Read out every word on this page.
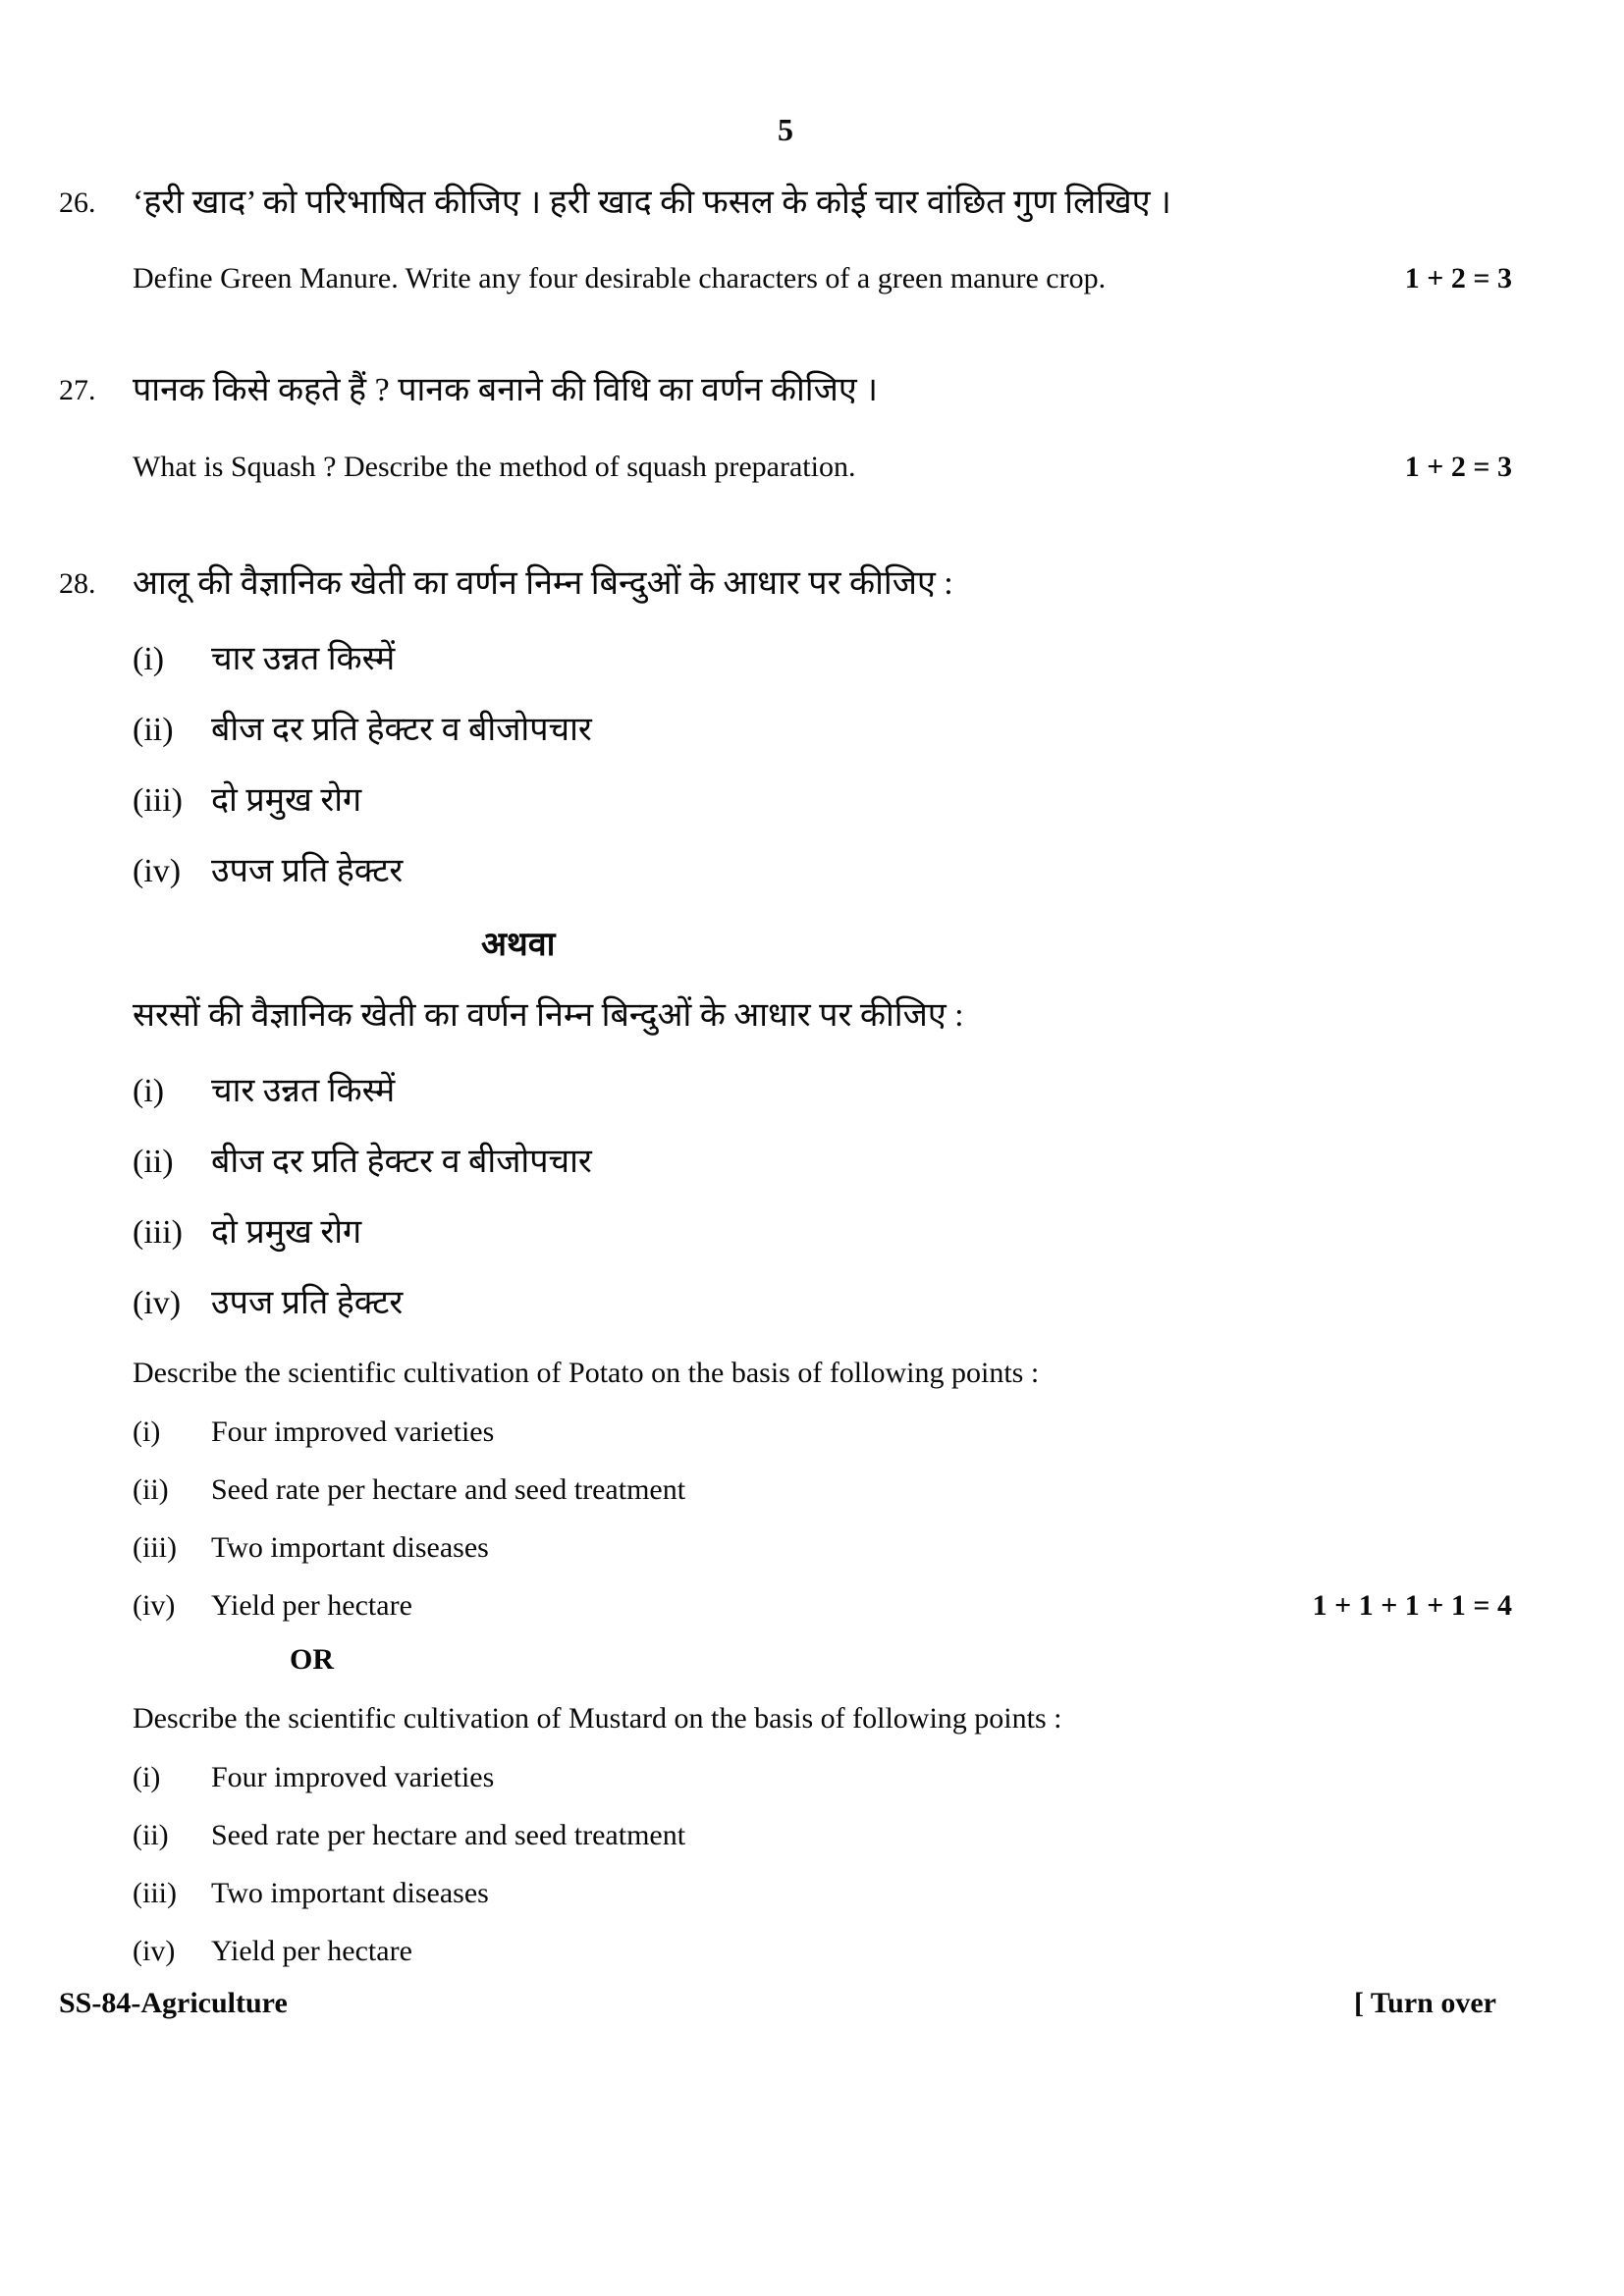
5
26.	‘हरी खाद’ को परिभाषित कीजिए । हरी खाद की फसल के कोई चार वांछित गुण लिखिए ।
Define Green Manure. Write any four desirable characters of a green manure crop.	1 + 2 = 3
27.	पानक किसे कहते हैं ? पानक बनाने की विधि का वर्णन कीजिए ।
What is Squash ? Describe the method of squash preparation.	1 + 2 = 3
28.	आलू की वैज्ञानिक खेती का वर्णन निम्न बिन्दुओं के आधार पर कीजिए :
(i)	चार उन्नत किस्में
(ii)	बीज दर प्रति हेक्टर व बीजोपचार
(iii) दो प्रमुख रोग
(iv) उपज प्रति हेक्टर
अथवा
सरसों की वैज्ञानिक खेती का वर्णन निम्न बिन्दुओं के आधार पर कीजिए :
(i)	चार उन्नत किस्में
(ii)	बीज दर प्रति हेक्टर व बीजोपचार
(iii) दो प्रमुख रोग
(iv) उपज प्रति हेक्टर
Describe the scientific cultivation of Potato on the basis of following points :
(i)	Four improved varieties
(ii)	Seed rate per hectare and seed treatment
(iii)	Two important diseases
(iv)	Yield per hectare	1 + 1 + 1 + 1 = 4
OR
Describe the scientific cultivation of Mustard on the basis of following points :
(i)	Four improved varieties
(ii)	Seed rate per hectare and seed treatment
(iii)	Two important diseases
(iv)	Yield per hectare
SS-84-Agriculture	[ Turn over
